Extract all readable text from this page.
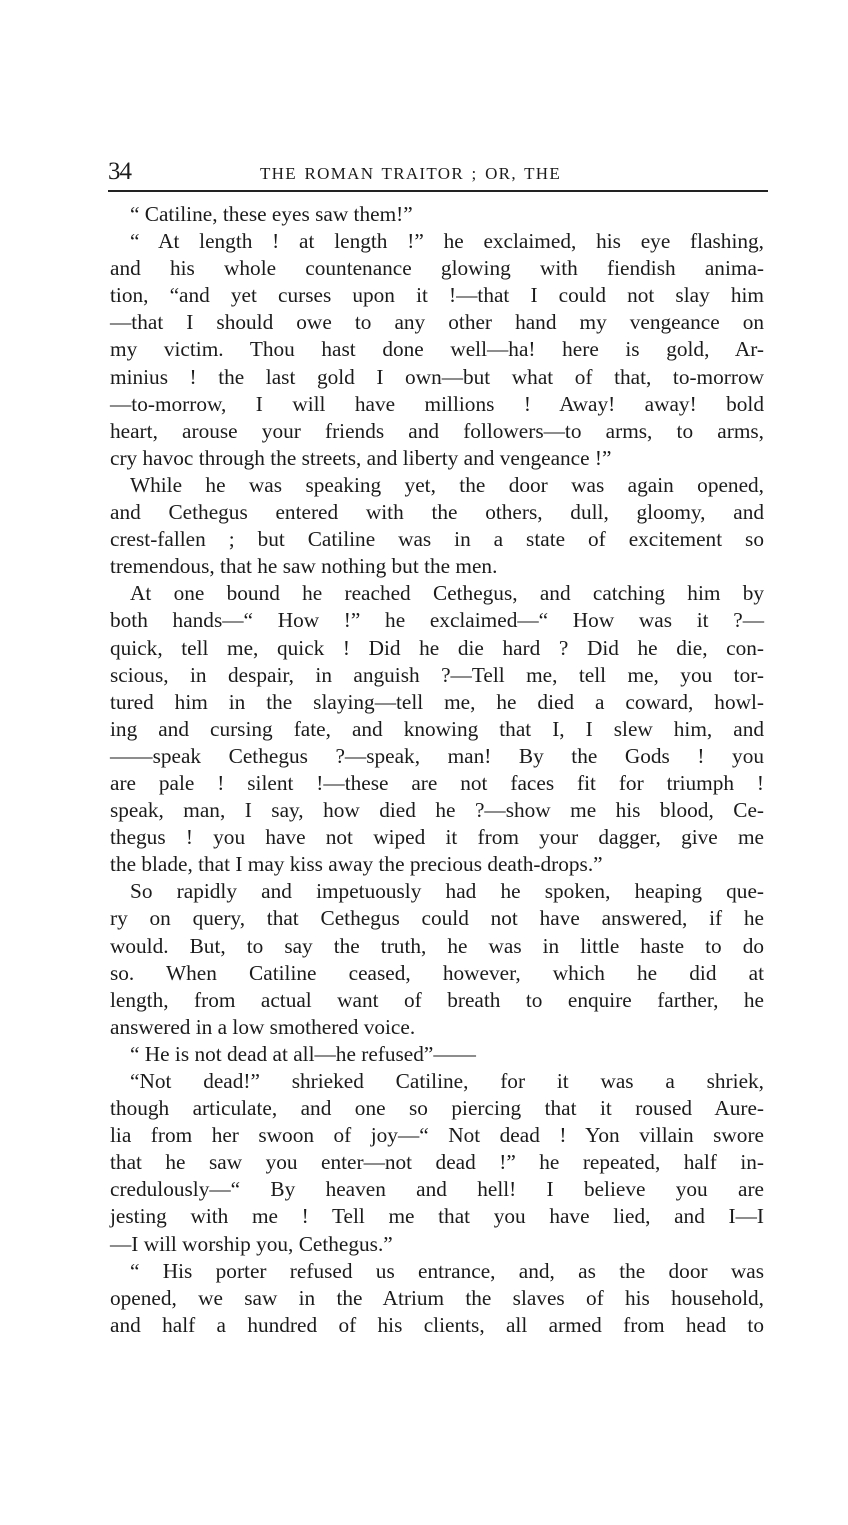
34	THE ROMAN TRAITOR ; OR, THE
“ Catiline, these eyes saw them!”
“ At length ! at length !” he exclaimed, his eye flashing,
and his whole countenance glowing with fiendish anima-
tion, “and yet curses upon it !—that I could not slay him
—that I should owe to any other hand my vengeance on
my victim. Thou hast done well—ha! here is gold, Ar-
minius ! the last gold I own—but what of that, to-morrow
—to-morrow, I will have millions ! Away! away! bold
heart, arouse your friends and followers—to arms, to arms,
cry havoc through the streets, and liberty and vengeance !”
While he was speaking yet, the door was again opened,
and Cethegus entered with the others, dull, gloomy, and
crest-fallen ; but Catiline was in a state of excitement so
tremendous, that he saw nothing but the men.
At one bound he reached Cethegus, and catching him by
both hands—“ How !” he exclaimed—“ How was it ?—
quick, tell me, quick ! Did he die hard ? Did he die, con-
scious, in despair, in anguish ?—Tell me, tell me, you tor-
tured him in the slaying—tell me, he died a coward, howl-
ing and cursing fate, and knowing that I, I slew him, and
——speak Cethegus ?—speak, man! By the Gods ! you
are pale ! silent !—these are not faces fit for triumph !
speak, man, I say, how died he ?—show me his blood, Ce-
thegus ! you have not wiped it from your dagger, give me
the blade, that I may kiss away the precious death-drops.”
So rapidly and impetuously had he spoken, heaping que-
ry on query, that Cethegus could not have answered, if he
would. But, to say the truth, he was in little haste to do
so. When Catiline ceased, however, which he did at
length, from actual want of breath to enquire farther, he
answered in a low smothered voice.
“ He is not dead at all—he refused”——
“Not dead!” shrieked Catiline, for it was a shriek,
though articulate, and one so piercing that it roused Aure-
lia from her swoon of joy—“ Not dead ! Yon villain swore
that he saw you enter—not dead !” he repeated, half in-
credulously—“ By heaven and hell! I believe you are
jesting with me ! Tell me that you have lied, and I—I
—I will worship you, Cethegus.”
“ His porter refused us entrance, and, as the door was
opened, we saw in the Atrium the slaves of his household,
and half a hundred of his clients, all armed from head to
